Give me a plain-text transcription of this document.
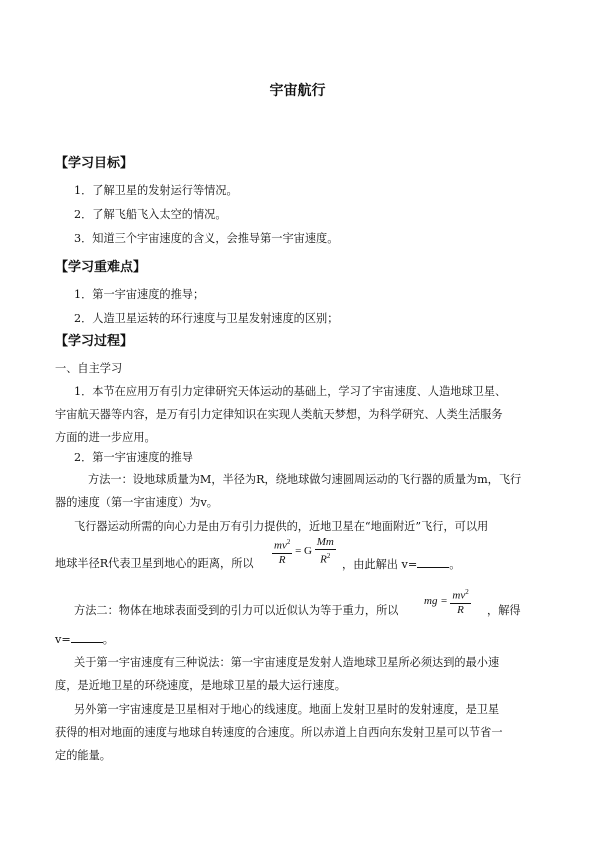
宇宙航行
【学习目标】
1．了解卫星的发射运行等情况。
2．了解飞船飞入太空的情况。
3．知道三个宇宙速度的含义，会推导第一宇宙速度。
【学习重难点】
1．第一宇宙速度的推导；
2．人造卫星运转的环行速度与卫星发射速度的区别；
【学习过程】
一、自主学习
1．本节在应用万有引力定律研究天体运动的基础上，学习了宇宙速度、人造地球卫星、
宇宙航天器等内容，是万有引力定律知识在实现人类航天梦想，为科学研究、人类生活服务
方面的进一步应用。
2．第一宇宙速度的推导
方法一：设地球质量为M，半径为R，绕地球做匀速圆周运动的飞行器的质量为m，飞行
器的速度（第一宇宙速度）为v。
飞行器运动所需的向心力是由万有引力提供的，近地卫星在“地面附近”飞行，可以用
地球半径R代表卫星到地心的距离，所以 $\frac{mv^2}{R} = G \frac{Mm}{R^2}$ ，由此解出 v=	。
方法二：物体在地球表面受到的引力可以近似认为等于重力，所以
mg = $\frac{mv^2}{R}$ ，解得
v=	。
关于第一宇宙速度有三种说法：第一宇宙速度是发射人造地球卫星所必须达到的最小速
度，是近地卫星的环绕速度，是地球卫星的最大运行速度。
另外第一宇宙速度是卫星相对于地心的线速度。地面上发射卫星时的发射速度，是卫星
获得的相对地面的速度与地球自转速度的合速度。所以赤道上自西向东发射卫星可以节省一
定的能量。
